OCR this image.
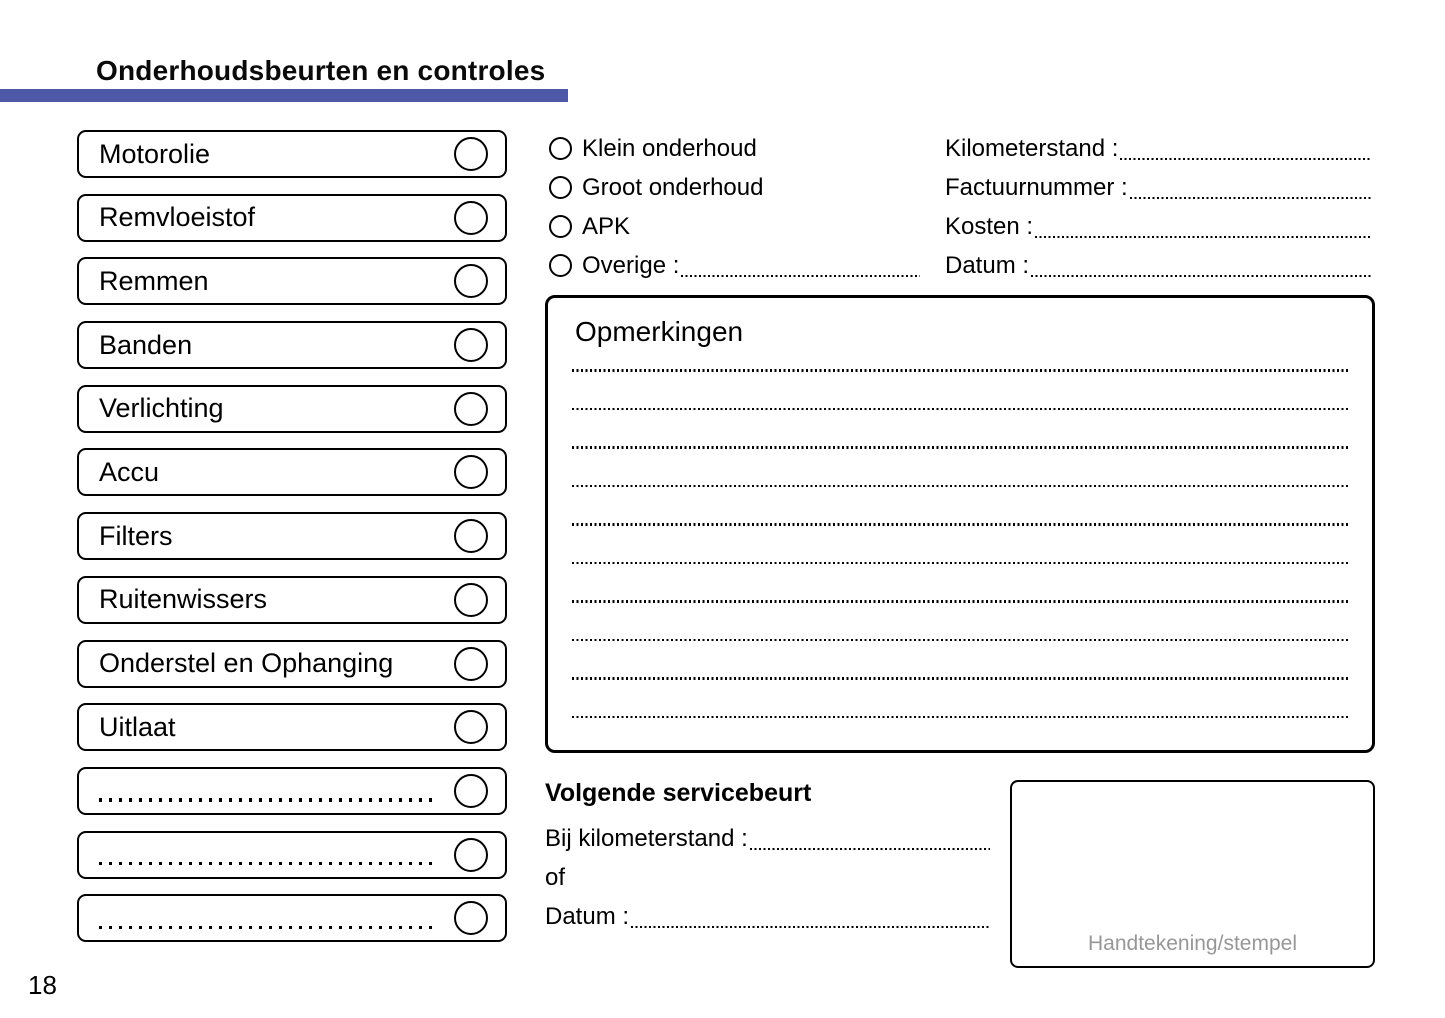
Onderhoudsbeurten en controles
Motorolie
Remvloeistof
Remmen
Banden
Verlichting
Accu
Filters
Ruitenwissers
Onderstel en Ophanging
Uitlaat
Klein onderhoud
Groot onderhoud
APK
Overige :
Kilometerstand :
Factuurnummer :
Kosten :
Datum :
Opmerkingen
Volgende servicebeurt
Bij kilometerstand :
of
Datum :
Handtekening/stempel
18
